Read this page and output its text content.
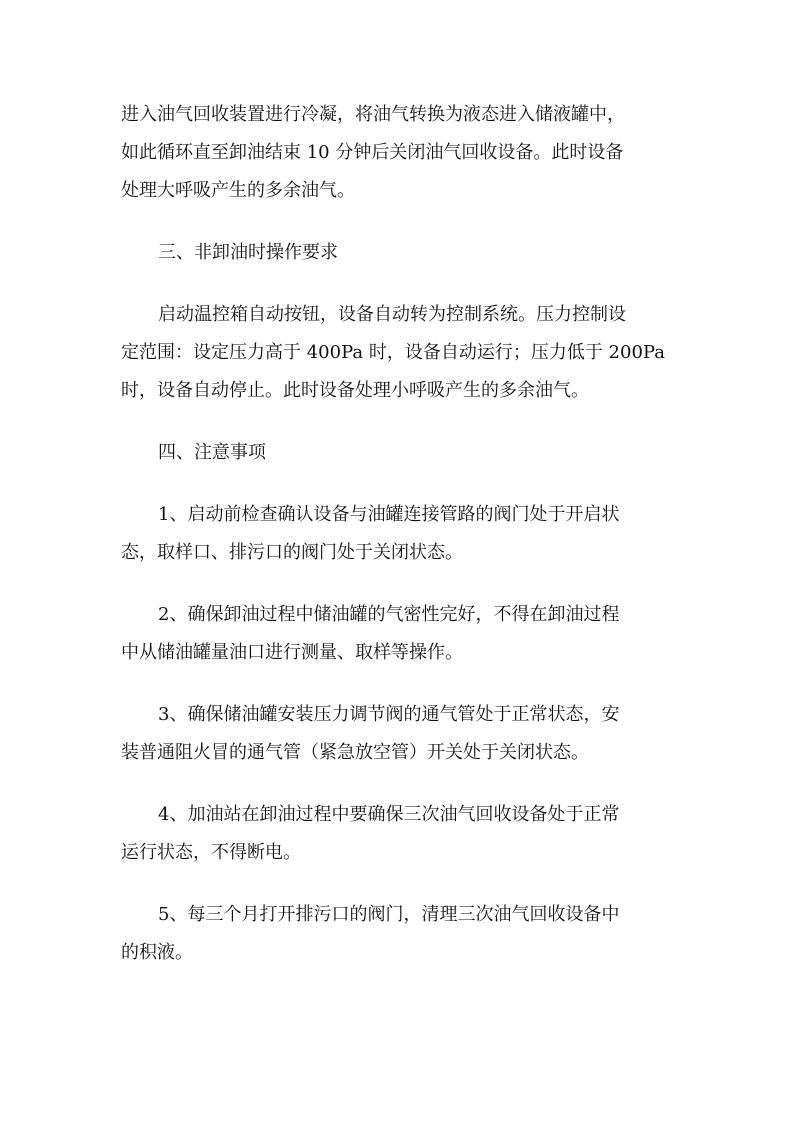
进入油气回收装置进行冷凝，将油气转换为液态进入储液罐中，
如此循环直至卸油结束 10 分钟后关闭油气回收设备。此时设备
处理大呼吸产生的多余油气。
三、非卸油时操作要求
启动温控箱自动按钮，设备自动转为控制系统。压力控制设
定范围：设定压力高于 400Pa 时，设备自动运行；压力低于 200Pa
时，设备自动停止。此时设备处理小呼吸产生的多余油气。
四、注意事项
1、启动前检查确认设备与油罐连接管路的阀门处于开启状
态，取样口、排污口的阀门处于关闭状态。
2、确保卸油过程中储油罐的气密性完好，不得在卸油过程
中从储油罐量油口进行测量、取样等操作。
3、确保储油罐安装压力调节阀的通气管处于正常状态，安
装普通阻火冒的通气管（紧急放空管）开关处于关闭状态。
4、加油站在卸油过程中要确保三次油气回收设备处于正常
运行状态，不得断电。
5、每三个月打开排污口的阀门，清理三次油气回收设备中
的积液。
